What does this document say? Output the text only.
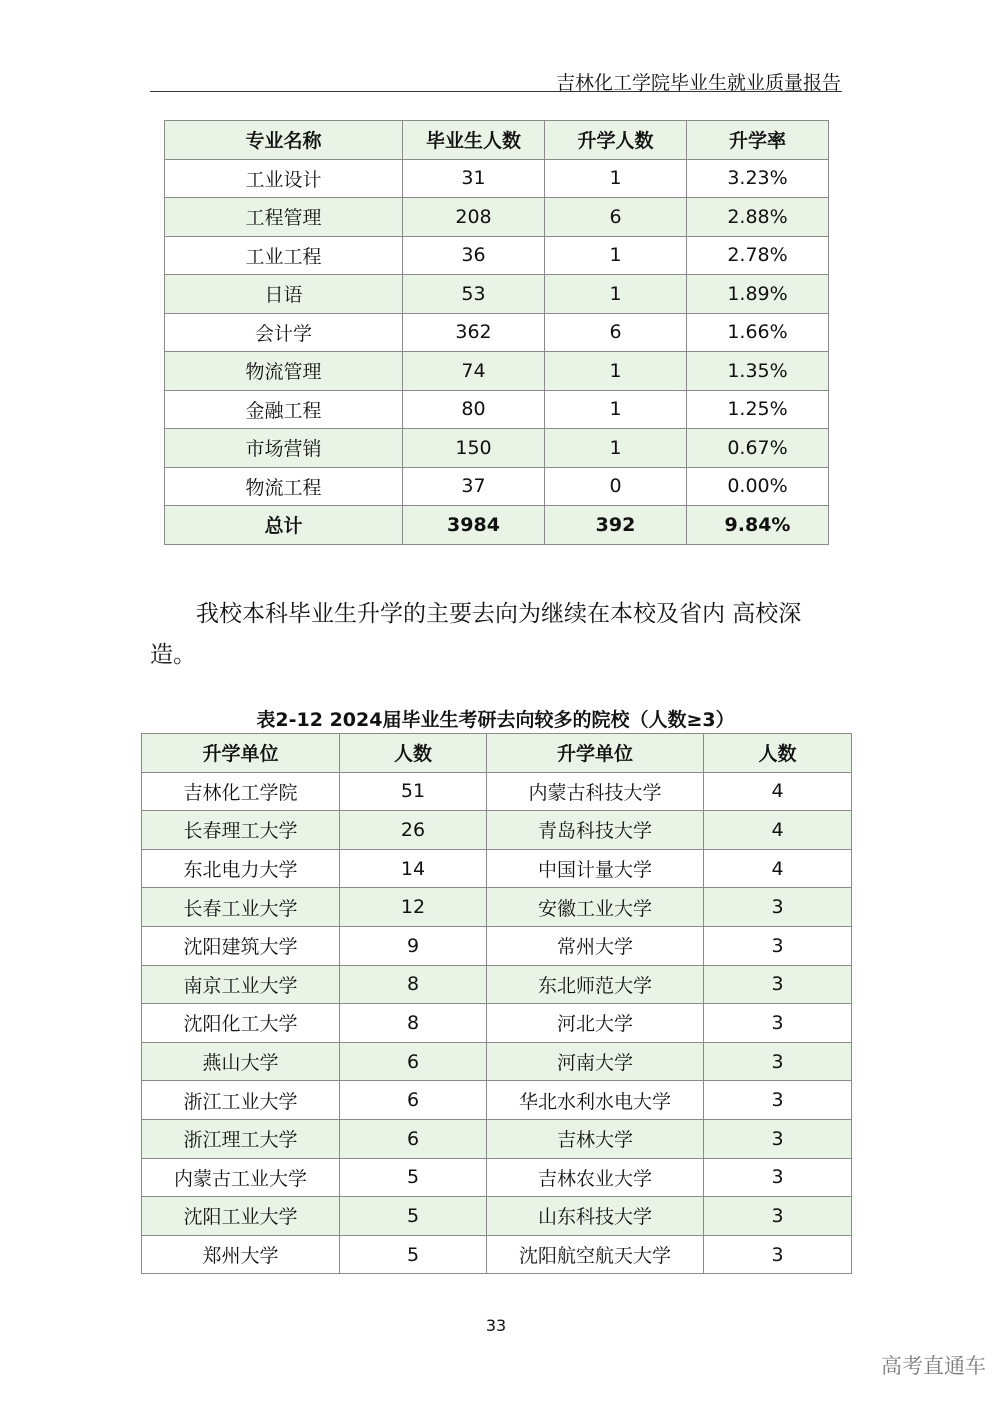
吉林化工学院毕业生就业质量报告
专业名称	毕业生人数	升学人数	升学率
工业设计	31	1	3.23%
工程管理	208	6	2.88%
工业工程	36	1	2.78%
日语	53	1	1.89%
会计学	362	6	1.66%
物流管理	74	1	1.35%
金融工程	80	1	1.25%
市场营销	150	1	0.67%
物流工程	37	0	0.00%
总计	3984	392	9.84%
我校本科毕业生升学的主要去向为继续在本校及省内 高校深造。
表2-12 2024届毕业生考研去向较多的院校（人数≥3）
升学单位	人数	升学单位	人数
吉林化工学院	51	内蒙古科技大学	4
长春理工大学	26	青岛科技大学	4
东北电力大学	14	中国计量大学	4
长春工业大学	12	安徽工业大学	3
沈阳建筑大学	9	常州大学	3
南京工业大学	8	东北师范大学	3
沈阳化工大学	8	河北大学	3
燕山大学	6	河南大学	3
浙江工业大学	6	华北水利水电大学	3
浙江理工大学	6	吉林大学	3
内蒙古工业大学	5	吉林农业大学	3
沈阳工业大学	5	山东科技大学	3
郑州大学	5	沈阳航空航天大学	3
33
高考直通车
